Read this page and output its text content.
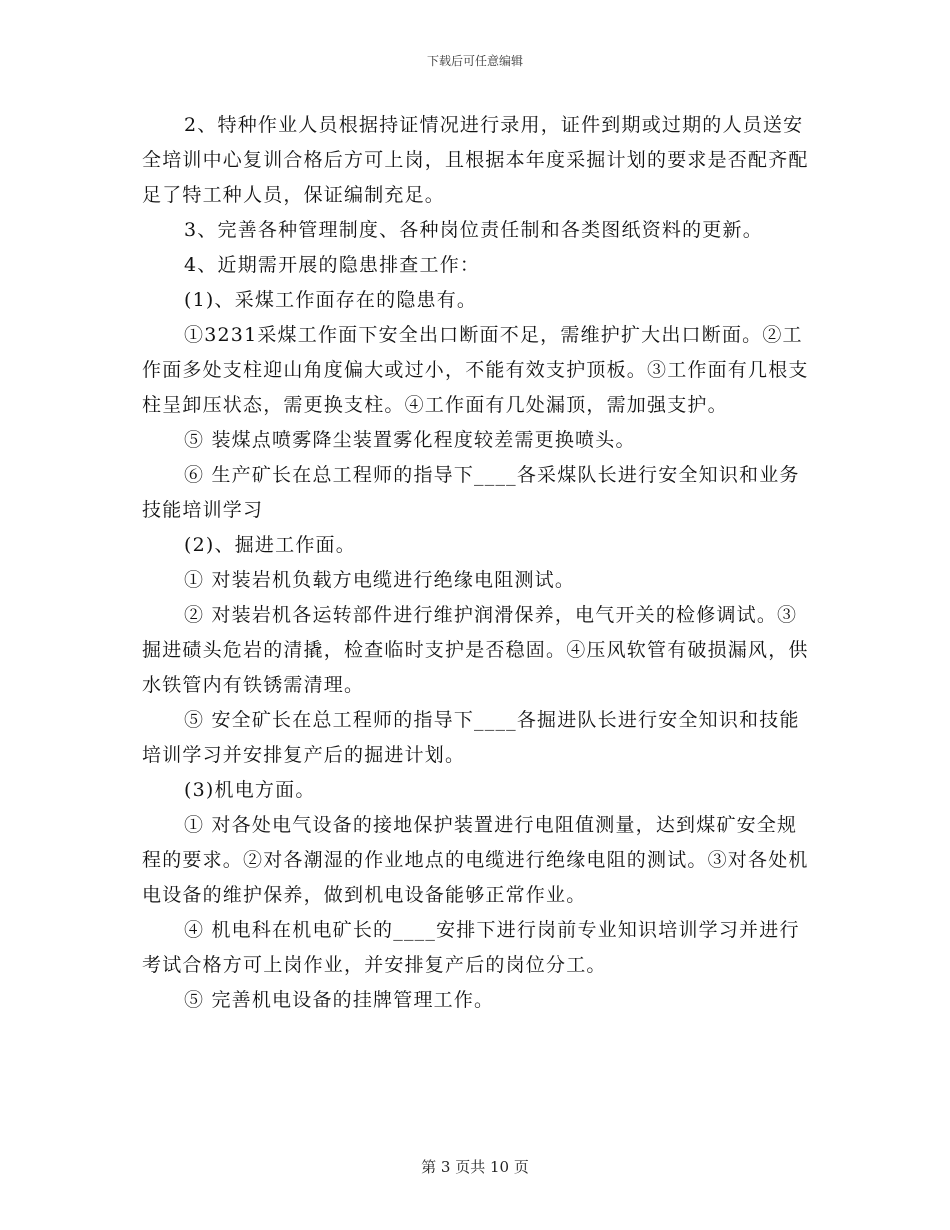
下载后可任意编辑

2、特种作业人员根据持证情况进行录用，证件到期或过期的人员送安全培训中心复训合格后方可上岗，且根据本年度采掘计划的要求是否配齐配足了特工种人员，保证编制充足。

3、完善各种管理制度、各种岗位责任制和各类图纸资料的更新。

4、近期需开展的隐患排查工作：

(1)、采煤工作面存在的隐患有。

①3231采煤工作面下安全出口断面不足，需维护扩大出口断面。②工作面多处支柱迎山角度偏大或过小，不能有效支护顶板。③工作面有几根支柱呈卸压状态，需更换支柱。④工作面有几处漏顶，需加强支护。

⑤ 装煤点喷雾降尘装置雾化程度较差需更换喷头。

⑥ 生产矿长在总工程师的指导下____各采煤队长进行安全知识和业务技能培训学习

(2)、掘进工作面。

① 对装岩机负载方电缆进行绝缘电阻测试。

② 对装岩机各运转部件进行维护润滑保养，电气开关的检修调试。③掘进碛头危岩的清撬，检查临时支护是否稳固。④压风软管有破损漏风，供水铁管内有铁锈需清理。

⑤ 安全矿长在总工程师的指导下____各掘进队长进行安全知识和技能培训学习并安排复产后的掘进计划。

(3)机电方面。

① 对各处电气设备的接地保护装置进行电阻值测量，达到煤矿安全规程的要求。②对各潮湿的作业地点的电缆进行绝缘电阻的测试。③对各处机电设备的维护保养，做到机电设备能够正常作业。

④ 机电科在机电矿长的____安排下进行岗前专业知识培训学习并进行考试合格方可上岗作业，并安排复产后的岗位分工。

⑤ 完善机电设备的挂牌管理工作。

第 3 页共 10 页
